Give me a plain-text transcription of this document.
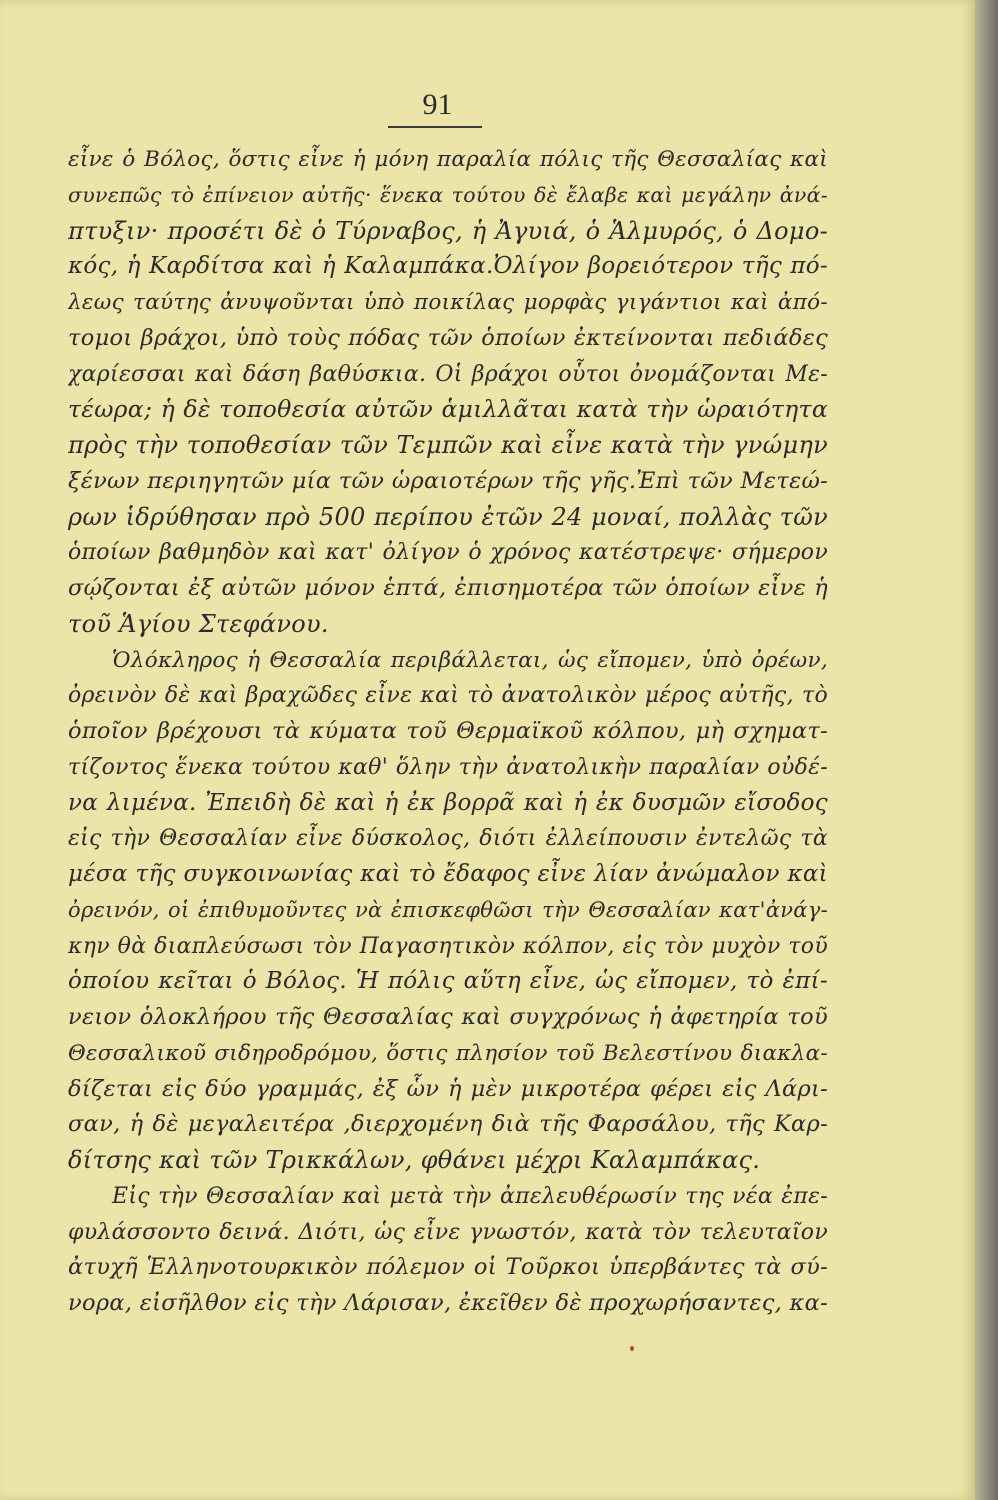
91
εἶνε ὁ Βόλος, ὅστις εἶνε ἡ μόνη παραλία πόλις τῆς Θεσσαλίας καὶ
συνεπῶς τὸ ἐπίνειον αὐτῆς· ἕνεκα τούτου δὲ ἔλαβε καὶ μεγάλην ἀνά-
πτυξιν· προσέτι δὲ ὁ Τύρναβος, ἡ Ἀγυιά, ὁ Ἁλμυρός, ὁ Δομο-
κός, ἡ Καρδίτσα καὶ ἡ Καλαμπάκα.Ὀλίγον βορειότερον τῆς πό-
λεως ταύτης ἀνυψοῦνται ὑπὸ ποικίλας μορφὰς γιγάντιοι καὶ ἀπό-
τομοι βράχοι, ὑπὸ τοὺς πόδας τῶν ὁποίων ἐκτείνονται πεδιάδες
χαρίεσσαι καὶ δάση βαθύσκια. Οἱ βράχοι οὗτοι ὀνομάζονται Με-
τέωρα; ἡ δὲ τοποθεσία αὐτῶν ἁμιλλᾶται κατὰ τὴν ὡραιότητα
πρὸς τὴν τοποθεσίαν τῶν Τεμπῶν καὶ εἶνε κατὰ τὴν γνώμην
ξένων περιηγητῶν μία τῶν ὡραιοτέρων τῆς γῆς.Ἐπὶ τῶν Μετεώ-
ρων ἱδρύθησαν πρὸ 500 περίπου ἐτῶν 24 μοναί, πολλὰς τῶν
ὁποίων βαθμηδὸν καὶ κατ' ὀλίγον ὁ χρόνος κατέστρεψε· σήμερον
σῴζονται ἐξ αὐτῶν μόνον ἑπτά, ἐπισημοτέρα τῶν ὁποίων εἶνε ἡ
τοῦ Ἁγίου Στεφάνου.
Ὁλόκληρος ἡ Θεσσαλία περιβάλλεται, ὡς εἴπομεν, ὑπὸ ὀρέων,
ὀρεινὸν δὲ καὶ βραχῶδες εἶνε καὶ τὸ ἀνατολικὸν μέρος αὐτῆς, τὸ
ὁποῖον βρέχουσι τὰ κύματα τοῦ Θερμαϊκοῦ κόλπου, μὴ σχηματ-
τίζοντος ἕνεκα τούτου καθ' ὅλην τὴν ἀνατολικὴν παραλίαν οὐδέ-
να λιμένα. Ἐπειδὴ δὲ καὶ ἡ ἐκ βορρᾶ καὶ ἡ ἐκ δυσμῶν εἴσοδος
εἰς τὴν Θεσσαλίαν εἶνε δύσκολος, διότι ἐλλείπουσιν ἐντελῶς τὰ
μέσα τῆς συγκοινωνίας καὶ τὸ ἔδαφος εἶνε λίαν ἀνώμαλον καὶ
ὀρεινόν, οἱ ἐπιθυμοῦντες νὰ ἐπισκεφθῶσι τὴν Θεσσαλίαν κατ'ἀνάγ-
κην θὰ διαπλεύσωσι τὸν Παγασητικὸν κόλπον, εἰς τὸν μυχὸν τοῦ
ὁποίου κεῖται ὁ Βόλος. Ἡ πόλις αὕτη εἶνε, ὡς εἴπομεν, τὸ ἐπί-
νειον ὁλοκλήρου τῆς Θεσσαλίας καὶ συγχρόνως ἡ ἀφετηρία τοῦ
Θεσσαλικοῦ σιδηροδρόμου, ὅστις πλησίον τοῦ Βελεστίνου διακλα-
δίζεται εἰς δύο γραμμάς, ἐξ ὧν ἡ μὲν μικροτέρα φέρει εἰς Λάρι-
σαν, ἡ δὲ μεγαλειτέρα ,διερχομένη διὰ τῆς Φαρσάλου, τῆς Καρ-
δίτσης καὶ τῶν Τρικκάλων, φθάνει μέχρι Καλαμπάκας.
Εἰς τὴν Θεσσαλίαν καὶ μετὰ τὴν ἀπελευθέρωσίν της νέα ἐπε-
φυλάσσοντο δεινά. Διότι, ὡς εἶνε γνωστόν, κατὰ τὸν τελευταῖον
ἀτυχῆ Ἑλληνοτουρκικὸν πόλεμον οἱ Τοῦρκοι ὑπερβάντες τὰ σύ-
νορα, εἰσῆλθον εἰς τὴν Λάρισαν, ἐκεῖθεν δὲ προχωρήσαντες, κα-
